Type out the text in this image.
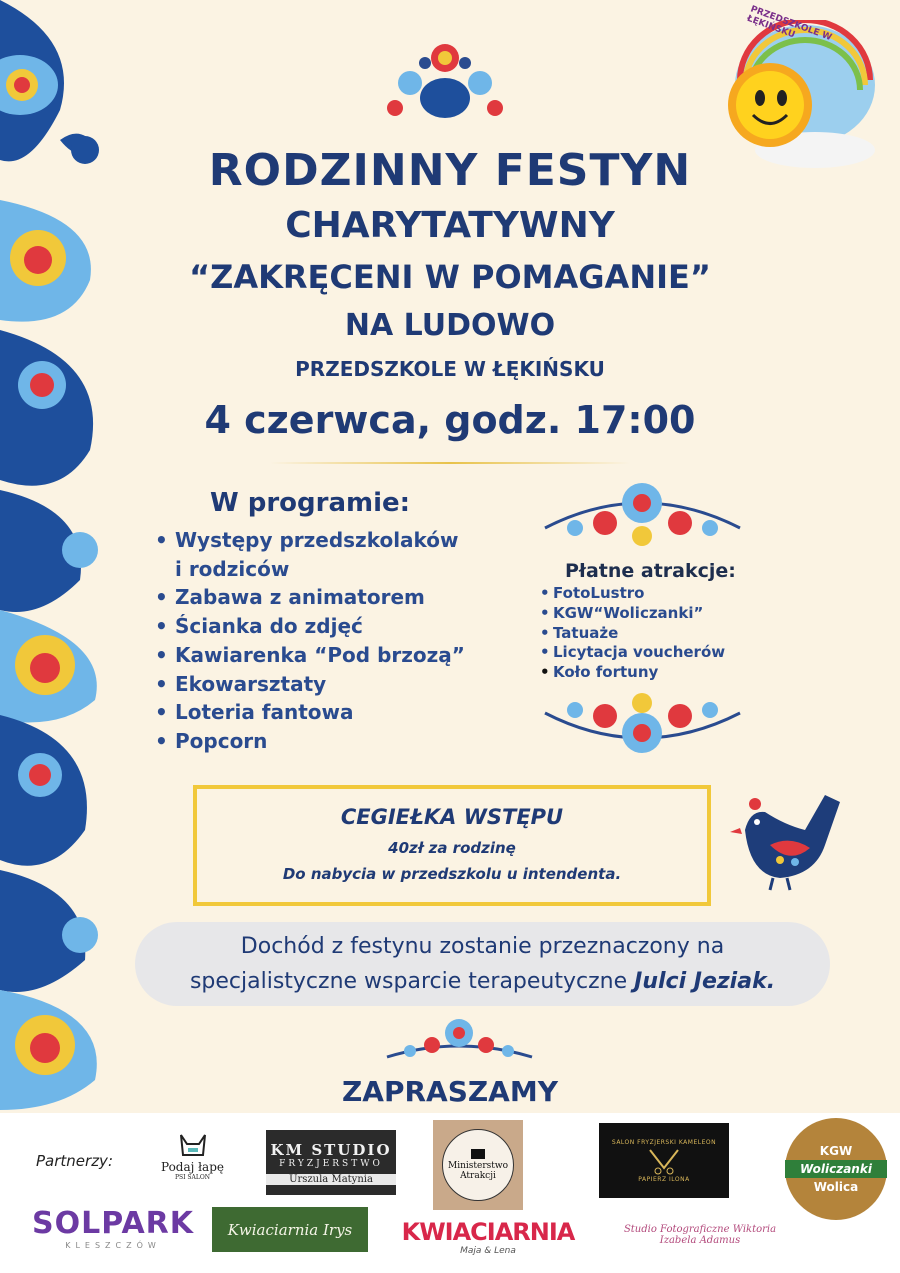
PRZEDSZKOLE W ŁĘKIŃSKU
RODZINNY FESTYN
CHARYTATYWNY
“ZAKRĘCENI W POMAGANIE”
NA LUDOWO
PRZEDSZKOLE W ŁĘKIŃSKU
4 czerwca, godz. 17:00
W programie:
• Występy przedszkolaków
i rodziców
• Zabawa z animatorem
• Ścianka do zdjęć
• Kawiarenka “Pod brzozą”
• Ekowarsztaty
• Loteria fantowa
• Popcorn
Płatne atrakcje:
• FotoLustro
• KGW“Woliczanki”
• Tatuaże
• Licytacja voucherów
• Koło fortuny
CEGIEŁKA WSTĘPU
40zł za rodzinę
Do nabycia w przedszkolu u intendenta.
Dochód z festynu zostanie przeznaczony na
specjalistyczne wsparcie terapeutyczne Julci Jeziak.
ZAPRASZAMY
Partnerzy:	Podaj łapę
PSI SALON
KM STUDIO
FRYZJERSTWO
Urszula Matynia
Ministerstwo
Atrakcji
SALON FRYZJERSKI KAMELEON
PAPIERZ ILONA
KGW
Woliczanki
Wolica
SOLPARK
KLESZCZÓW
Kwiaciarnia Irys KWIACIARNIA
Maja & Lena
Studio Fotograficzne Wiktoria
Izabela Adamus
